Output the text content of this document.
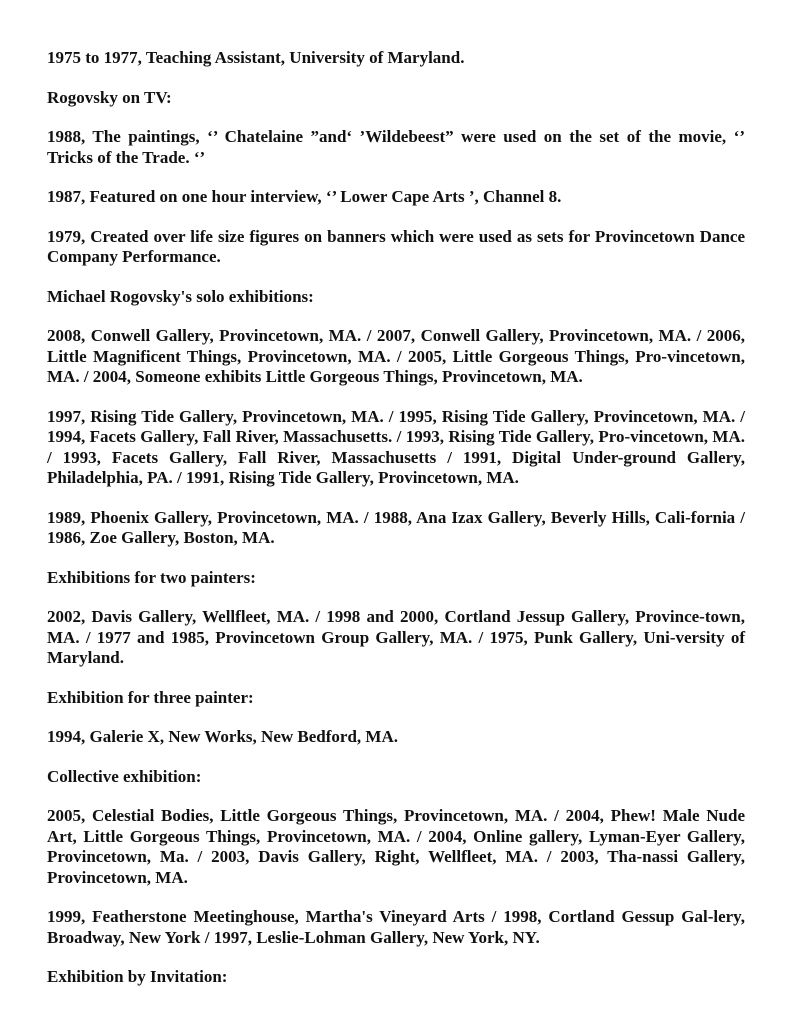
1975 to 1977, Teaching Assistant, University of Maryland.

Rogovsky on TV:

1988, The paintings, ‘’ Chatelaine ”and‘ ’Wildebeest” were used on the set of the movie, ‘’ Tricks of the Trade. ‘’

1987, Featured on one hour interview, ‘’ Lower Cape Arts ’, Channel 8.

1979, Created over life size figures on banners which were used as sets for Provincetown Dance Company Performance.

Michael Rogovsky's solo exhibitions:

2008, Conwell Gallery, Provincetown, MA. / 2007, Conwell Gallery, Provincetown, MA. / 2006, Little Magnificent Things, Provincetown, MA. / 2005, Little Gorgeous Things, Pro-vincetown, MA. / 2004, Someone exhibits Little Gorgeous Things, Provincetown, MA.

1997, Rising Tide Gallery, Provincetown, MA. / 1995, Rising Tide Gallery, Provincetown, MA. / 1994, Facets Gallery, Fall River, Massachusetts. / 1993, Rising Tide Gallery, Pro-vincetown, MA. / 1993, Facets Gallery, Fall River, Massachusetts / 1991, Digital Under-ground Gallery, Philadelphia, PA. / 1991, Rising Tide Gallery, Provincetown, MA.

1989, Phoenix Gallery, Provincetown, MA. / 1988, Ana Izax Gallery, Beverly Hills, Cali-fornia / 1986, Zoe Gallery, Boston, MA.

Exhibitions for two painters:

2002, Davis Gallery, Wellfleet, MA. / 1998 and 2000, Cortland Jessup Gallery, Province-town, MA. / 1977 and 1985, Provincetown Group Gallery, MA. / 1975, Punk Gallery, Uni-versity of Maryland.

Exhibition for three painter:

1994, Galerie X, New Works, New Bedford, MA.

Collective exhibition:

2005, Celestial Bodies, Little Gorgeous Things, Provincetown, MA. / 2004, Phew! Male Nude Art, Little Gorgeous Things, Provincetown, MA. / 2004, Online gallery, Lyman-Eyer Gallery, Provincetown, Ma. / 2003, Davis Gallery, Right, Wellfleet, MA. / 2003, Tha-nassi Gallery, Provincetown, MA.

1999, Featherstone Meetinghouse, Martha's Vineyard Arts / 1998, Cortland Gessup Gal-lery, Broadway, New York / 1997, Leslie-Lohman Gallery, New York, NY.

Exhibition by Invitation:
